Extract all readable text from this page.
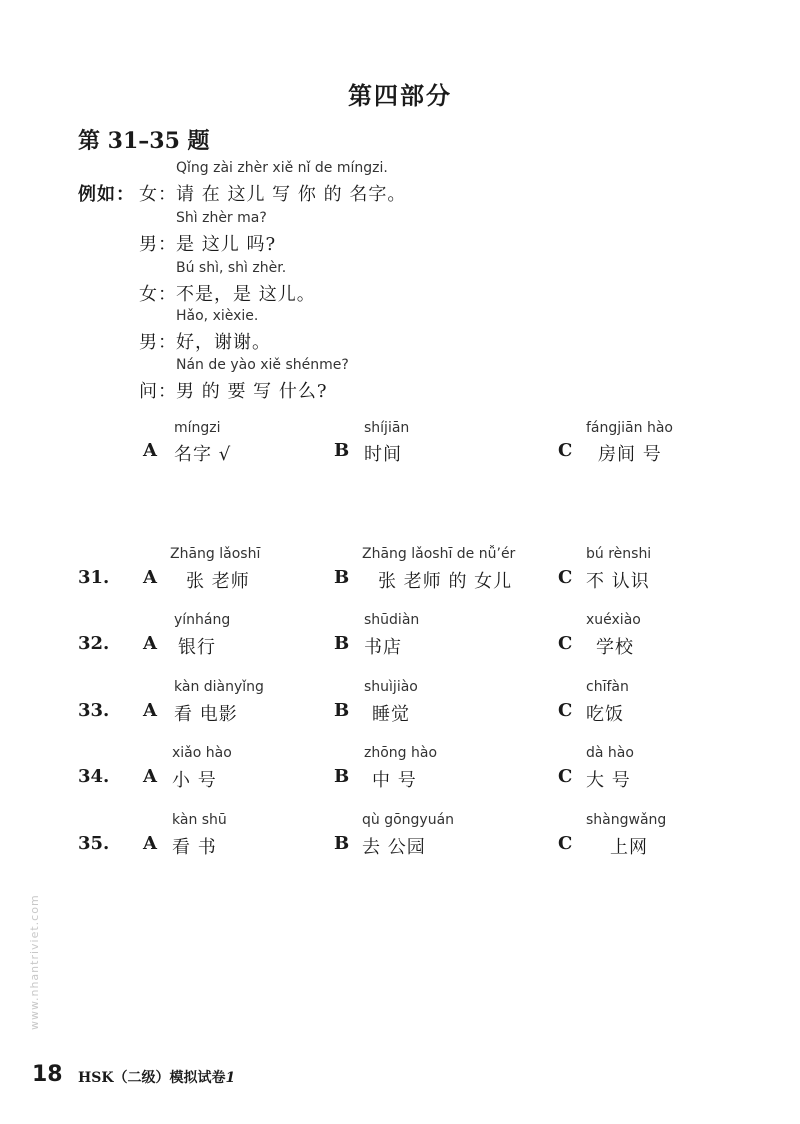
第四部分
第 31–35 题
例如：
Qǐng zài zhèr xiě nǐ de míngzi.
女： 请 在 这儿 写 你 的 名字。
Shì zhèr ma?
男： 是 这儿 吗?
Bú shì, shì zhèr.
女： 不是，是 这儿。
Hǎo, xièxie.
男： 好，谢谢。
Nán de yào xiě shénme?
问： 男 的 要 写 什么?
míngzi
A 名字 √
shíjiān
B 时间
fángjiān hào
C 房间 号
31.
Zhāng lǎoshī
A 张 老师
Zhāng lǎoshī de nǚ’ér
B 张 老师 的 女儿
bú rènshi
C 不 认识
32.
yínháng
A 银行
shūdiàn
B 书店
xuéxiào
C 学校
33.
kàn diànyǐng
A 看 电影
shuìjiào
B 睡觉
chīfàn
C 吃饭
34.
xiǎo hào
A 小 号
zhōng hào
B 中 号
dà hào
C 大 号
35.
kàn shū
A 看 书
qù gōngyuán
B 去 公园
shàngwǎng
C 上网
www.nhantriviet.com
18 HSK（二级）模拟试卷1
